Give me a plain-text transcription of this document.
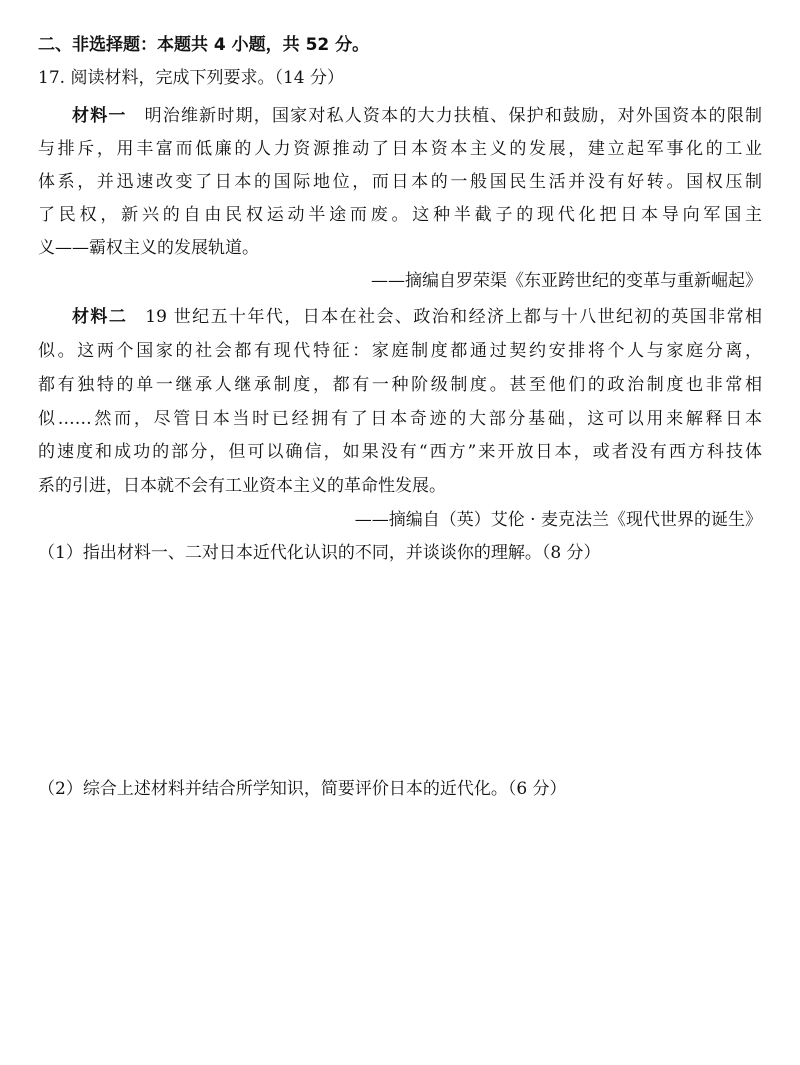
二、非选择题：本题共 4 小题，共 52 分。
17. 阅读材料，完成下列要求。（14 分）
材料一 明治维新时期，国家对私人资本的大力扶植、保护和鼓励，对外国资本的限制
与排斥，用丰富而低廉的人力资源推动了日本资本主义的发展，建立起军事化的工业
体系，并迅速改变了日本的国际地位，而日本的一般国民生活并没有好转。国权压制
了民权，新兴的自由民权运动半途而废。这种半截子的现代化把日本导向军国主
义——霸权主义的发展轨道。
——摘编自罗荣渠《东亚跨世纪的变革与重新崛起》
材料二 19 世纪五十年代，日本在社会、政治和经济上都与十八世纪初的英国非常相
似。这两个国家的社会都有现代特征：家庭制度都通过契约安排将个人与家庭分离，
都有独特的单一继承人继承制度，都有一种阶级制度。甚至他们的政治制度也非常相
似……然而，尽管日本当时已经拥有了日本奇迹的大部分基础，这可以用来解释日本
的速度和成功的部分，但可以确信，如果没有“西方”来开放日本，或者没有西方科技体
系的引进，日本就不会有工业资本主义的革命性发展。
——摘编自（英）艾伦 · 麦克法兰《现代世界的诞生》
（1）指出材料一、二对日本近代化认识的不同，并谈谈你的理解。（8 分）
（2）综合上述材料并结合所学知识，简要评价日本的近代化。（6 分）
